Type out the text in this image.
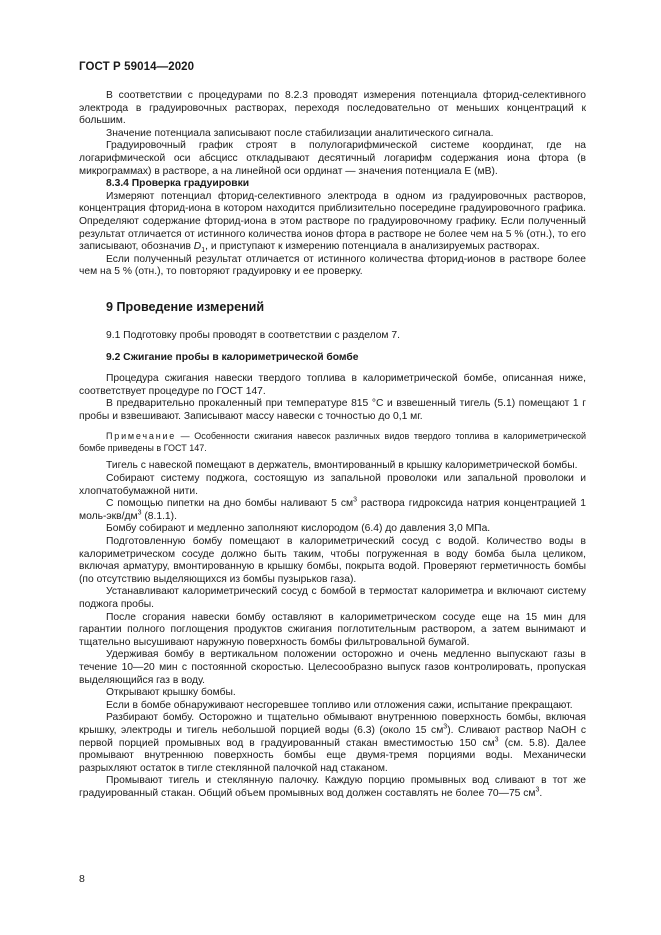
ГОСТ Р 59014—2020

В соответствии с процедурами по 8.2.3 проводят измерения потенциала фторид-селективного электрода в градуировочных растворах, переходя последовательно от меньших концентраций к большим.

Значение потенциала записывают после стабилизации аналитического сигнала.

Градуировочный график строят в полулогарифмической системе координат, где на логарифмической оси абсцисс откладывают десятичный логарифм содержания иона фтора (в микрограммах) в растворе, а на линейной оси ординат — значения потенциала Е (мВ).

8.3.4 Проверка градуировки

Измеряют потенциал фторид-селективного электрода в одном из градуировочных растворов, концентрация фторид-иона в котором находится приблизительно посередине градуировочного графика. Определяют содержание фторид-иона в этом растворе по градуировочному графику. Если полученный результат отличается от истинного количества ионов фтора в растворе не более чем на 5 % (отн.), то его записывают, обозначив $D_1$, и приступают к измерению потенциала в анализируемых растворах.

Если полученный результат отличается от истинного количества фторид-ионов в растворе более чем на 5 % (отн.), то повторяют градуировку и ее проверку.

9 Проведение измерений

9.1 Подготовку пробы проводят в соответствии с разделом 7.

9.2 Сжигание пробы в калориметрической бомбе

Процедура сжигания навески твердого топлива в калориметрической бомбе, описанная ниже, соответствует процедуре по ГОСТ 147.

В предварительно прокаленный при температуре 815 °С и взвешенный тигель (5.1) помещают 1 г пробы и взвешивают. Записывают массу навески с точностью до 0,1 мг.

Примечание — Особенности сжигания навесок различных видов твердого топлива в калориметрической бомбе приведены в ГОСТ 147.

Тигель с навеской помещают в держатель, вмонтированный в крышку калориметрической бомбы.

Собирают систему поджога, состоящую из запальной проволоки или запальной проволоки и хлопчатобумажной нити.

С помощью пипетки на дно бомбы наливают 5 $см^3$ раствора гидроксида натрия концентрацией 1 моль-$экв/дм^3$ (8.1.1).

Бомбу собирают и медленно заполняют кислородом (6.4) до давления 3,0 МПа.

Подготовленную бомбу помещают в калориметрический сосуд с водой. Количество воды в калориметрическом сосуде должно быть таким, чтобы погруженная в воду бомба была целиком, включая арматуру, вмонтированную в крышку бомбы, покрыта водой. Проверяют герметичность бомбы (по отсутствию выделяющихся из бомбы пузырьков газа).

Устанавливают калориметрический сосуд с бомбой в термостат калориметра и включают систему поджога пробы.

После сгорания навески бомбу оставляют в калориметрическом сосуде еще на 15 мин для гарантии полного поглощения продуктов сжигания поглотительным раствором, а затем вынимают и тщательно высушивают наружную поверхность бомбы фильтровальной бумагой.

Удерживая бомбу в вертикальном положении осторожно и очень медленно выпускают газы в течение 10—20 мин с постоянной скоростью. Целесообразно выпуск газов контролировать, пропуская выделяющийся газ в воду.

Открывают крышку бомбы.

Если в бомбе обнаруживают несгоревшее топливо или отложения сажи, испытание прекращают.

Разбирают бомбу. Осторожно и тщательно обмывают внутреннюю поверхность бомбы, включая крышку, электроды и тигель небольшой порцией воды (6.3) (около 15 $см^3$). Сливают раствор NaOH с первой порцией промывных вод в градуированный стакан вместимостью 150 $см^3$ (см. 5.8). Далее промывают внутреннюю поверхность бомбы еще двумя-тремя порциями воды. Механически разрыхляют остаток в тигле стеклянной палочкой над стаканом.

Промывают тигель и стеклянную палочку. Каждую порцию промывных вод сливают в тот же градуированный стакан. Общий объем промывных вод должен составлять не более 70—75 $см^3$.

8
